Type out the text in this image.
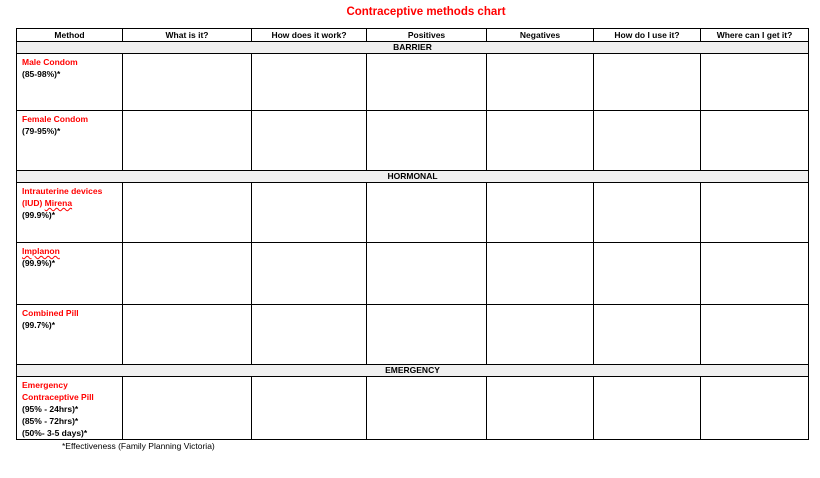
Contraceptive methods chart
Method	What is it?	How does it work?	Positives	Negatives	How do I use it?	Where can I get it?
BARRIER						

Male Condom
(85-98%)*						

Female Condom
(79-95%)*						

HORMONAL						

Intrauterine devices
(IUD) Mirena
(99.9%)*						

Implanon
(99.9%)*						

Combined Pill
(99.7%)*						

EMERGENCY						

Emergency
Contraceptive Pill
(95% - 24hrs)*
(85% - 72hrs)*
(50%- 3-5 days)*						

*Effectiveness (Family Planning Victoria)
